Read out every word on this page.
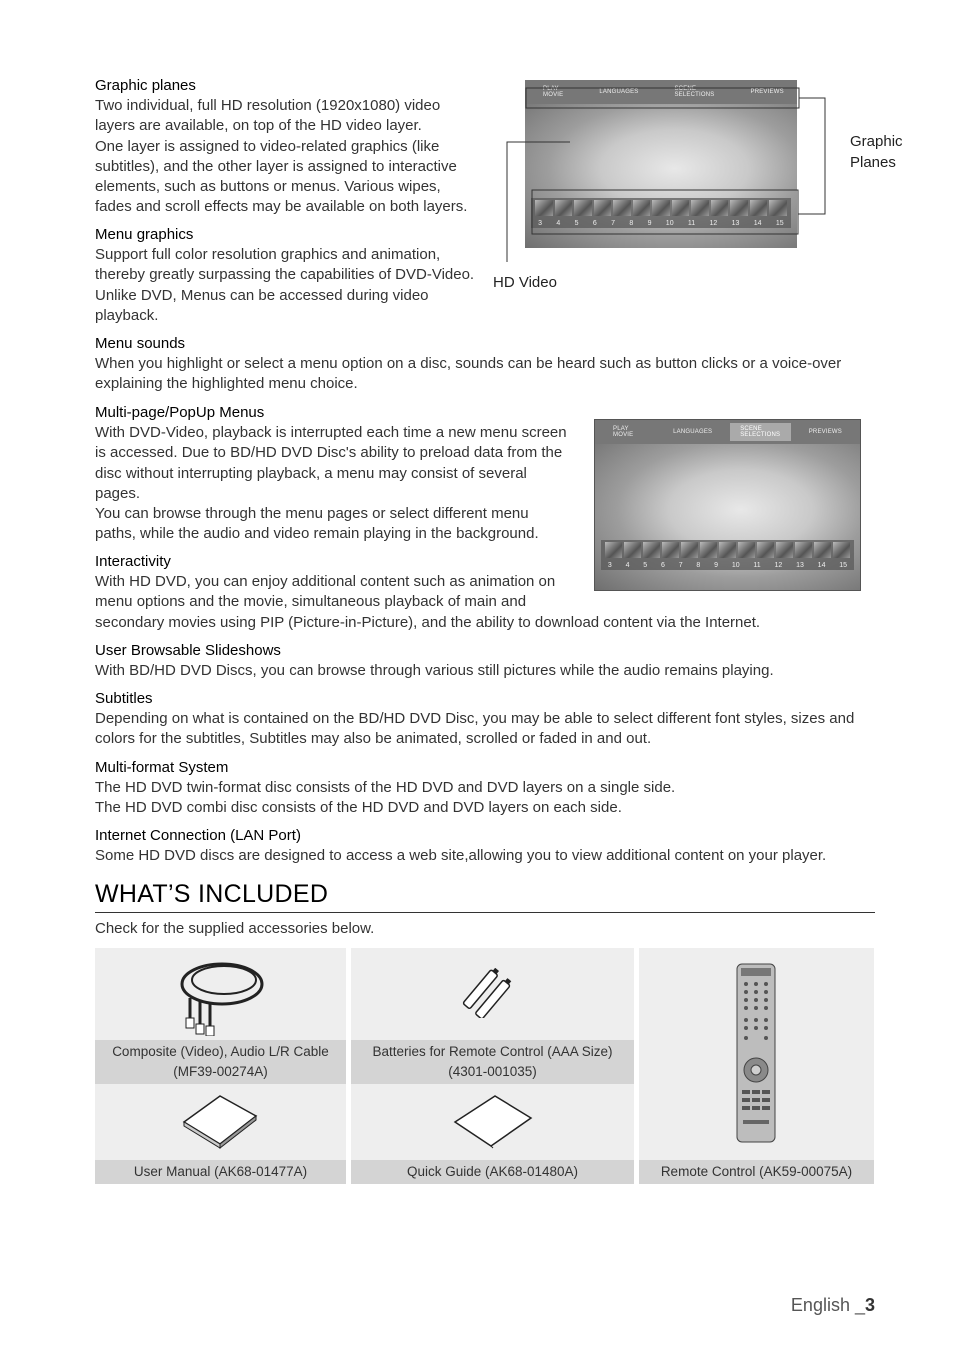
Graphic planes

Two individual, full HD resolution (1920x1080) video

layers are available, on top of the HD video layer.

One layer is assigned to video-related graphics (like

subtitles), and the other layer is assigned to interactive

elements, such as buttons or menus. Various wipes,

fades and scroll effects may be available on both layers.

Menu graphics

Support full color resolution graphics and animation,

thereby greatly surpassing the capabilities of DVD-Video.

Unlike DVD, Menus can be accessed during video

playback.

Menu sounds

When you highlight or select a menu option on a disc, sounds can be heard such as button clicks or a voice-over

explaining the highlighted menu choice.

Multi-page/PopUp Menus

With DVD-Video, playback is interrupted each time a new menu screen

is accessed. Due to BD/HD DVD Disc's ability to preload data from the

disc without interrupting playback, a menu may consist of several

pages.

You can browse through the menu pages or select different menu

paths, while the audio and video remain playing in the background.

Interactivity

With HD DVD, you can enjoy additional content such as animation on

menu options and the movie, simultaneous playback of main and

secondary movies using PIP (Picture-in-Picture), and the ability to download content via the Internet.

User Browsable Slideshows

With BD/HD DVD Discs, you can browse through various still pictures while the audio remains playing.

Subtitles

Depending on what is contained on the BD/HD DVD Disc, you may be able to select different font styles, sizes and

colors for the subtitles, Subtitles may also be animated, scrolled or faded in and out.

Multi-format System

The HD DVD twin-format disc consists of the HD DVD and DVD layers on a single side.

The HD DVD combi disc consists of the HD DVD and DVD layers on each side.

Internet Connection (LAN Port)

Some HD DVD discs are designed to access a web site,allowing you to view additional content on your player.

PLAY MOVIE	LANGUAGES	SCENE SELECTIONS	PREVIEWS
3 4 5 6 7 8 9 10 11 12 13 14 15
Graphic
Planes
HD Video
PLAY MOVIE	LANGUAGES	SCENE SELECTIONS	PREVIEWS
3 4 5 6 7 8 9 10 11 12 13 14 15
WHAT’S INCLUDED
Check for the supplied accessories below.
Composite (Video), Audio L/R Cable
(MF39-00274A)
User Manual (AK68-01477A)
Batteries for Remote Control (AAA Size)
(4301-001035)
Quick Guide (AK68-01480A)	Remote Control (AK59-00075A)
English _3
